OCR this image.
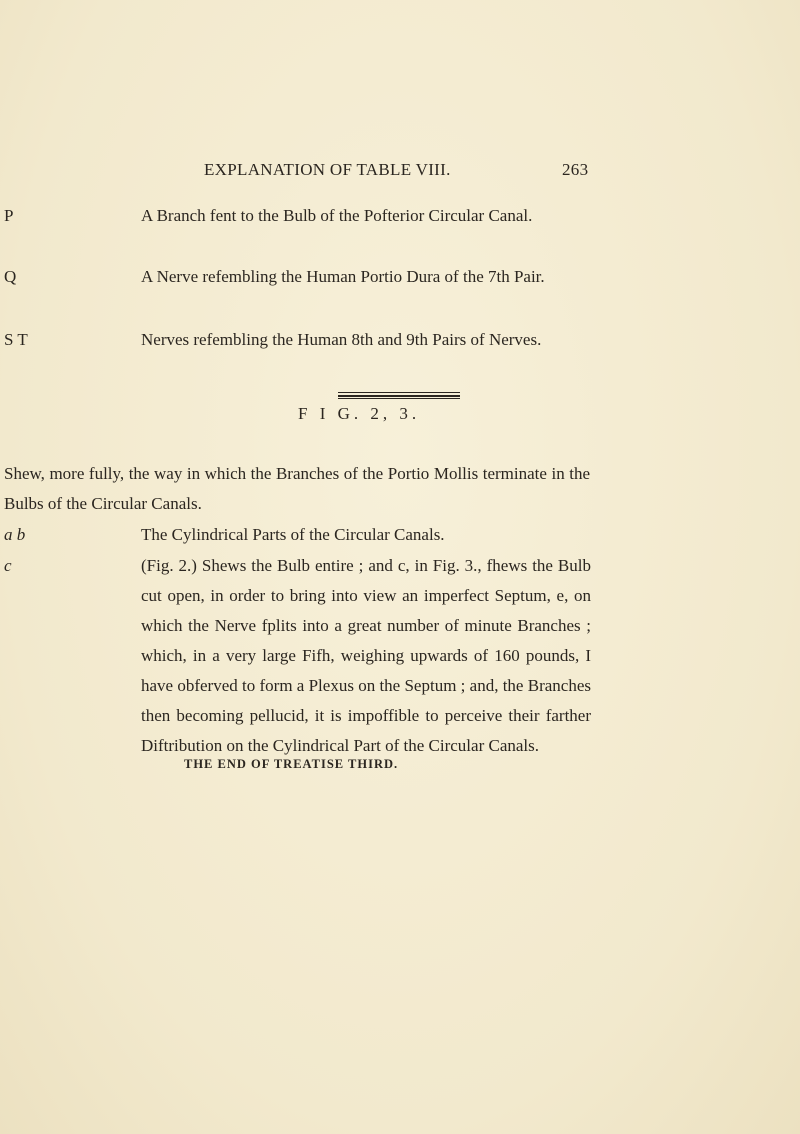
EXPLANATION OF TABLE VIII.	263
P	A Branch fent to the Bulb of the Pofterior Circular Canal.
Q	A Nerve refembling the Human Portio Dura of the 7th Pair.
S T	Nerves refembling the Human 8th and 9th Pairs of Nerves.
F I G. 2, 3.
Shew, more fully, the way in which the Branches of the Portio Mollis terminate in the Bulbs of the Circular Canals.
a b	The Cylindrical Parts of the Circular Canals.
c	(Fig. 2.) Shews the Bulb entire ; and c, in Fig. 3., fhews the Bulb cut open, in order to bring into view an imperfect Septum, e, on which the Nerve fplits into a great number of minute Branches ; which, in a very large Fifh, weighing upwards of 160 pounds, I have obferved to form a Plexus on the Septum ; and, the Branches then becoming pellucid, it is impoffible to perceive their farther Diftribution on the Cylindrical Part of the Circular Canals.
THE END OF TREATISE THIRD.
